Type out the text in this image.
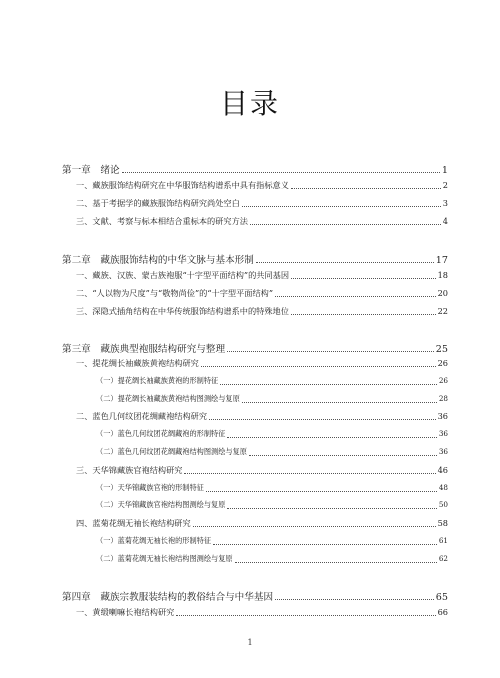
目录
第一章　绪论	1
一、藏族服饰结构研究在中华服饰结构谱系中具有指标意义	2
二、基于考据学的藏族服饰结构研究尚处空白	3
三、文献、考察与标本相结合重标本的研究方法	4
第二章　藏族服饰结构的中华文脉与基本形制	17
一、藏族、汉族、蒙古族袍服“十字型平面结构”的共同基因	18
二、“人以物为尺度”与“敬物尚俭”的“十字型平面结构”	20
三、深隐式插角结构在中华传统服饰结构谱系中的特殊地位	22
第三章　藏族典型袍服结构研究与整理	25
一、提花绸长袖藏族黄袍结构研究	26
（一）提花绸长袖藏族黄袍的形制特征	26
（二）提花绸长袖藏族黄袍结构图测绘与复原	28
二、蓝色几何纹团花绸藏袍结构研究	36
（一）蓝色几何纹团花绸藏袍的形制特征	36
（二）蓝色几何纹团花绸藏袍结构图测绘与复原	36
三、天华锦藏族官袍结构研究	46
（一）天华锦藏族官袍的形制特征	48
（二）天华锦藏族官袍结构图测绘与复原	50
四、蓝菊花绸无袖长袍结构研究	58
（一）蓝菊花绸无袖长袍的形制特征	61
（二）蓝菊花绸无袖长袍结构图测绘与复原	62
第四章　藏族宗教服装结构的教俗结合与中华基因	65
一、黄缎喇嘛长袍结构研究	66
1
